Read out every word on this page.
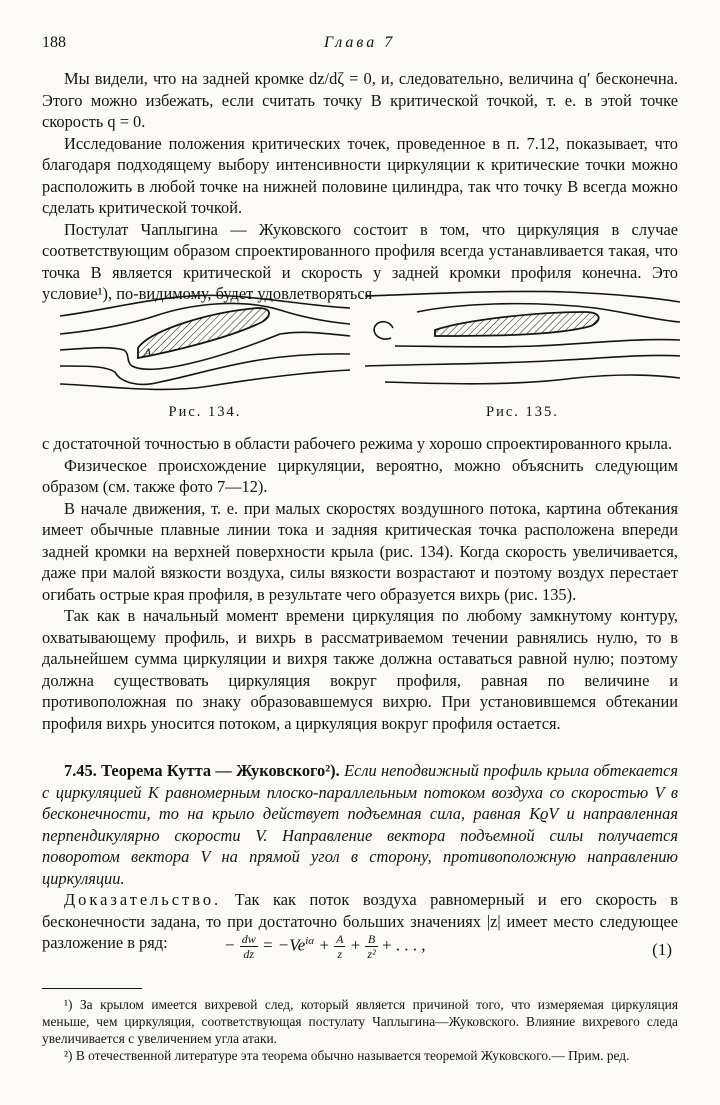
188	Глава 7

Мы видели, что на задней кромке dz/dζ = 0, и, следовательно, величина q′ бесконечна. Этого можно избежать, если считать точку B критической точкой, т. е. в этой точке скорость q = 0.

Исследование положения критических точек, проведенное в п. 7.12, показывает, что благодаря подходящему выбору интенсивности циркуляции к критические точки можно расположить в любой точке на нижней половине цилиндра, так что точку B всегда можно сделать критической точкой.

Постулат Чаплыгина — Жуковского состоит в том, что циркуляция в случае соответствующим образом спроектированного профиля всегда устанавливается такая, что точка B является критической и скорость у задней кромки профиля конечна. Это условие¹), по-видимому, будет удовлетворяться

A
Рис. 134.	Рис. 135.

с достаточной точностью в области рабочего режима у хорошо спроектированного крыла.

Физическое происхождение циркуляции, вероятно, можно объяснить следующим образом (см. также фото 7—12).

В начале движения, т. е. при малых скоростях воздушного потока, картина обтекания имеет обычные плавные линии тока и задняя критическая точка расположена впереди задней кромки на верхней поверхности крыла (рис. 134). Когда скорость увеличивается, даже при малой вязкости воздуха, силы вязкости возрастают и поэтому воздух перестает огибать острые края профиля, в результате чего образуется вихрь (рис. 135).

Так как в начальный момент времени циркуляция по любому замкнутому контуру, охватывающему профиль, и вихрь в рассматриваемом течении равнялись нулю, то в дальнейшем сумма циркуляции и вихря также должна оставаться равной нулю; поэтому должна существовать циркуляция вокруг профиля, равная по величине и противоположная по знаку образовавшемуся вихрю. При установившемся обтекании профиля вихрь уносится потоком, а циркуляция вокруг профиля остается.

7.45. Теорема Кутта — Жуковского²). Если неподвижный профиль крыла обтекается с циркуляцией K равномерным плоско-параллельным потоком воздуха со скоростью V в бесконечности, то на крыло действует подъемная сила, равная KϱV и направленная перпендикулярно скорости V. Направление вектора подъемной силы получается поворотом вектора V на прямой угол в сторону, противоположную направлению циркуляции.

Доказательство. Так как поток воздуха равномерный и его скорость в бесконечности задана, то при достаточно больших значениях |z| имеет место следующее разложение в ряд:	− $\frac{dw}{dz} = -Ve^{i\alpha} + \frac{A}{z} + \frac{B}{\text{z²}}$ + . . . ,	(1)

¹) За крылом имеется вихревой след, который является причиной того, что измеряемая циркуляция меньше, чем циркуляция, соответствующая постулату Чаплыгина—Жуковского. Влияние вихревого следа увеличивается с увеличением угла атаки.

²) В отечественной литературе эта теорема обычно называется теоремой Жуковского.— Прим. ред.
